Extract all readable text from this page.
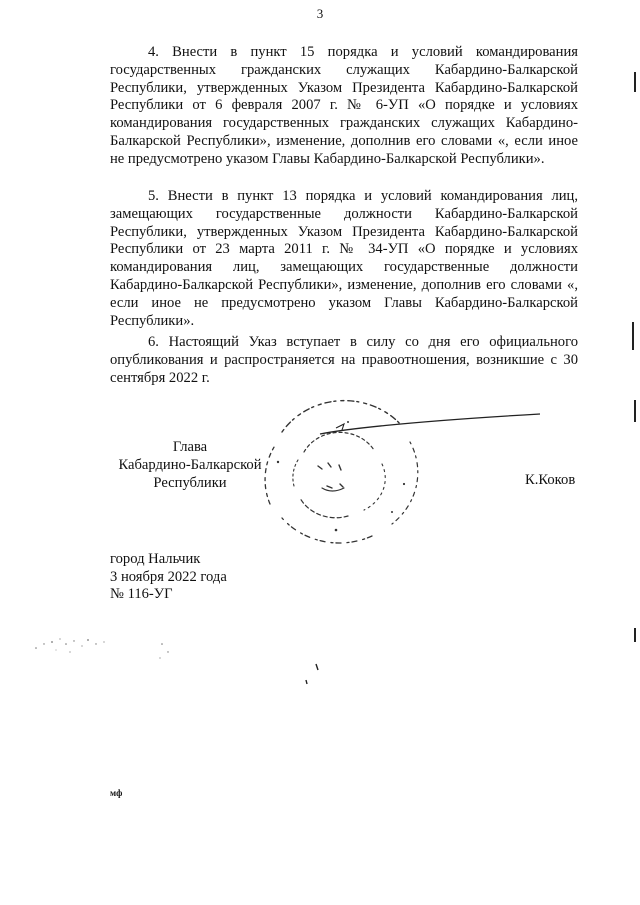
3

4. Внести в пункт 15 порядка и условий командирования государственных гражданских служащих Кабардино-Балкарской Республики, утвержденных Указом Президента Кабардино-Балкарской Республики от 6 февраля 2007 г. № 6-УП «О порядке и условиях командирования государственных гражданских служащих Кабардино-Балкарской Республики», изменение, дополнив его словами «, если иное не предусмотрено указом Главы Кабардино-Балкарской Республики».

5. Внести в пункт 13 порядка и условий командирования лиц, замещающих государственные должности Кабардино-Балкарской Республики, утвержденных Указом Президента Кабардино-Балкарской Республики от 23 марта 2011 г. № 34-УП «О порядке и условиях командирования лиц, замещающих государственные должности Кабардино-Балкарской Республики», изменение, дополнив его словами «, если иное не предусмотрено указом Главы Кабардино-Балкарской Республики».

6. Настоящий Указ вступает в силу со дня его официального опубликования и распространяется на правоотношения, возникшие с 30 сентября 2022 г.

Глава
Кабардино-Балкарской
Республики	К.Коков
город Нальчик
3 ноября 2022 года
№ 116-УГ
мф
